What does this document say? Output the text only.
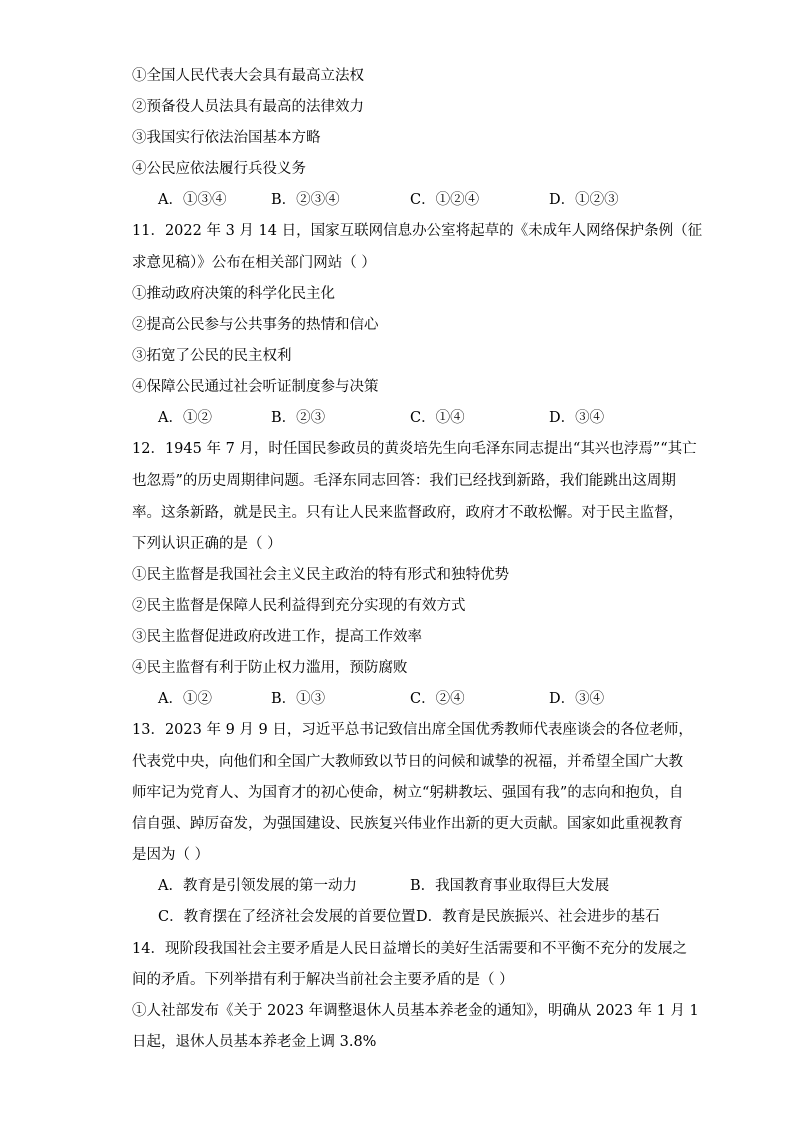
①全国人民代表大会具有最高立法权
②预备役人员法具有最高的法律效力
③我国实行依法治国基本方略
④公民应依法履行兵役义务
A．①③④	B．②③④	C．①②④	D．①②③
11．2022 年 3 月 14 日，国家互联网信息办公室将起草的《未成年人网络保护条例（征
求意见稿）》公布在相关部门网站（ ）
①推动政府决策的科学化民主化
②提高公民参与公共事务的热情和信心
③拓宽了公民的民主权利
④保障公民通过社会听证制度参与决策
A．①②	B．②③	C．①④	D．③④
12．1945 年 7 月，时任国民参政员的黄炎培先生向毛泽东同志提出“其兴也浡焉”“其亡
也忽焉”的历史周期律问题。毛泽东同志回答：我们已经找到新路，我们能跳出这周期
率。这条新路，就是民主。只有让人民来监督政府，政府才不敢松懈。对于民主监督，
下列认识正确的是（ ）
①民主监督是我国社会主义民主政治的特有形式和独特优势
②民主监督是保障人民利益得到充分实现的有效方式
③民主监督促进政府改进工作，提高工作效率
④民主监督有利于防止权力滥用，预防腐败
A．①②	B．①③	C．②④	D．③④
13．2023 年 9 月 9 日，习近平总书记致信出席全国优秀教师代表座谈会的各位老师，
代表党中央，向他们和全国广大教师致以节日的问候和诚挚的祝福，并希望全国广大教
师牢记为党育人、为国育才的初心使命，树立“躬耕教坛、强国有我”的志向和抱负，自
信自强、踔厉奋发，为强国建设、民族复兴伟业作出新的更大贡献。国家如此重视教育
是因为（ ）
A．教育是引领发展的第一动力	B．我国教育事业取得巨大发展
C．教育摆在了经济社会发展的首要位置 D．教育是民族振兴、社会进步的基石
14．现阶段我国社会主要矛盾是人民日益增长的美好生活需要和不平衡不充分的发展之
间的矛盾。下列举措有利于解决当前社会主要矛盾的是（ ）
①人社部发布《关于 2023 年调整退休人员基本养老金的通知》，明确从 2023 年 1 月 1
日起，退休人员基本养老金上调 3.8%
